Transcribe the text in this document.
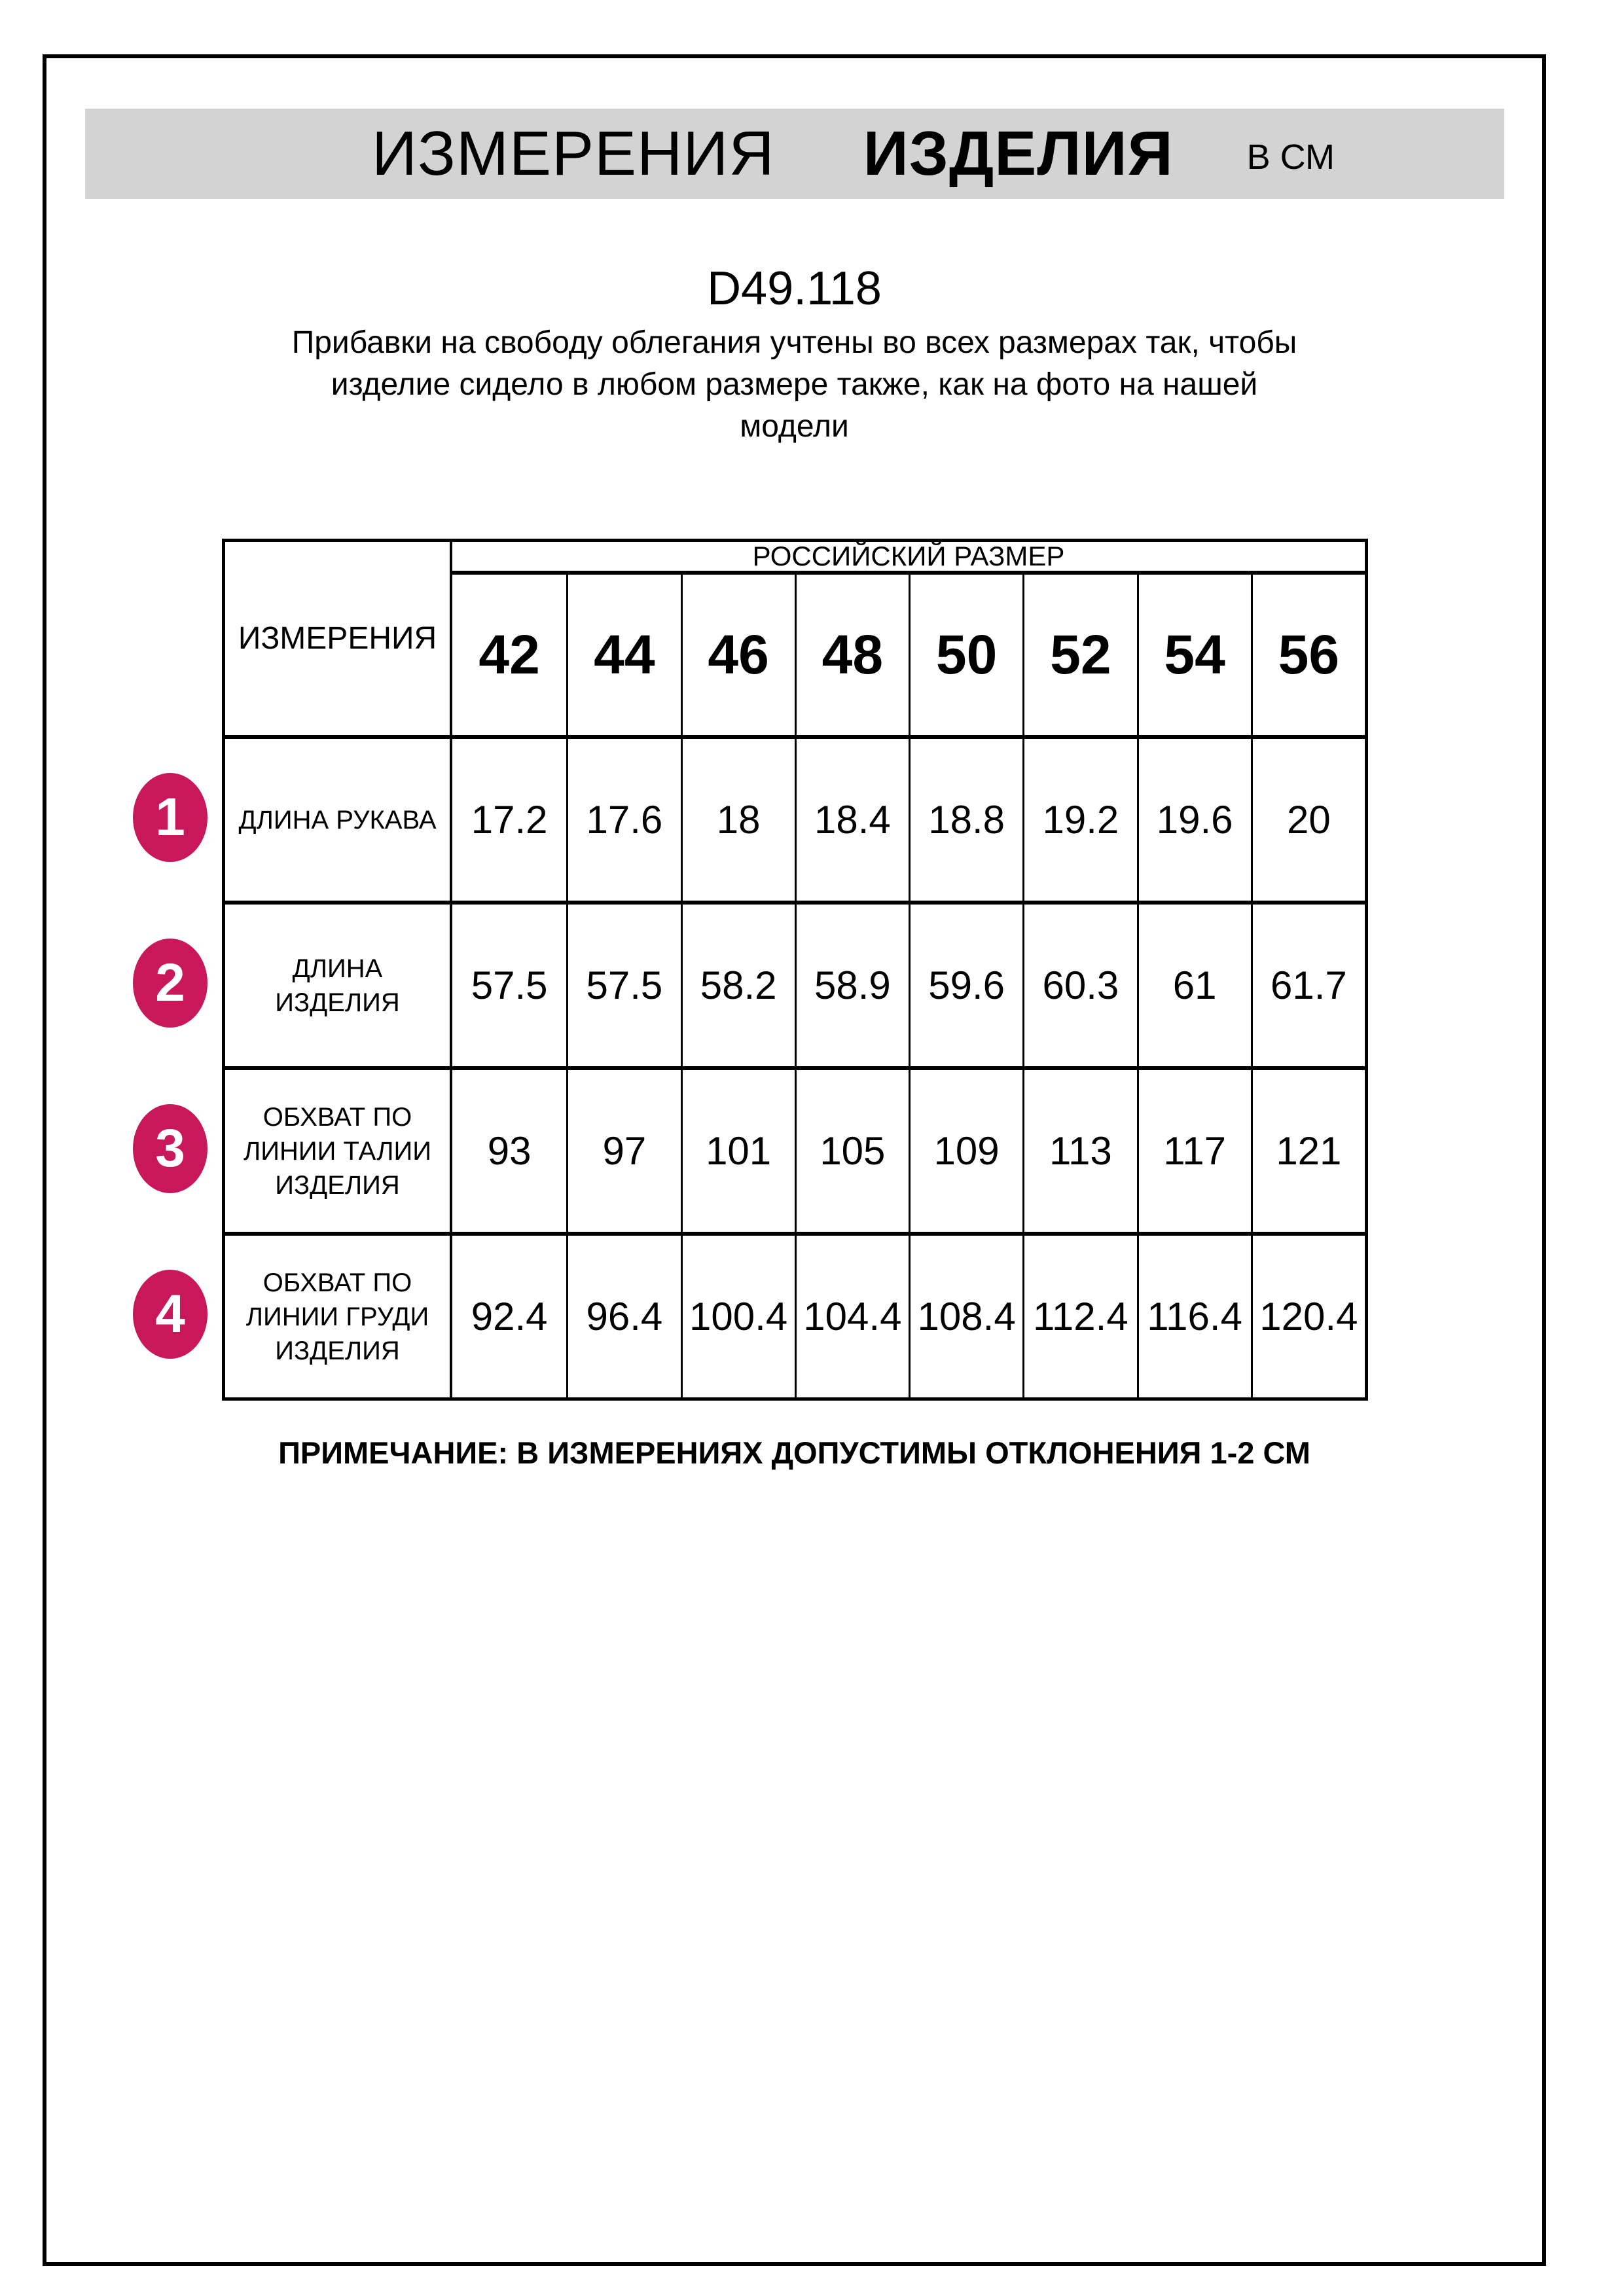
ИЗМЕРЕНИЯ ИЗДЕЛИЯ В СМ
D49.118
Прибавки на свободу облегания учтены во всех размерах так, чтобы
изделие сидело в любом размере также, как на фото на нашей
модели
ИЗМЕРЕНИЯ
РОССИЙСКИЙ РАЗМЕР
42 44 46 48 50 52 54 56
ДЛИНА РУКАВА 17.2 17.6	18	18.4 18.8 19.2 19.6	20
ДЛИНА ИЗДЕЛИЯ	57.5 57.5 58.2 58.9 59.6 60.3	61	61.7
ОБХВАТ ПО ЛИНИИ ТАЛИИ ИЗДЕЛИЯ
93	97	101	105	109	113	117	121
ОБХВАТ ПО ЛИНИИ ГРУДИ ИЗДЕЛИЯ
92.4 96.4 100.4 104.4 108.4 112.4 116.4 120.4
1
2
3
4
ПРИМЕЧАНИЕ: В ИЗМЕРЕНИЯХ ДОПУСТИМЫ ОТКЛОНЕНИЯ 1-2 СМ
